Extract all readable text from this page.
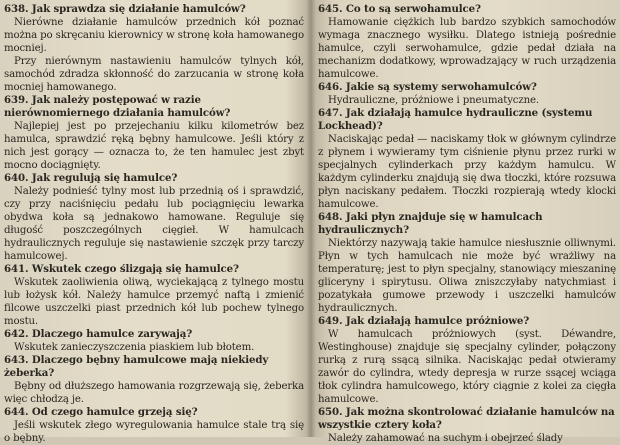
638. Jak sprawdza się działanie hamulców?

Nierówne działanie hamulców przednich kół poznać można po skręcaniu kierownicy w stronę koła hamowanego mocniej.

Przy nierównym nastawieniu hamulców tylnych kół, samochód zdradza skłonność do zarzucania w stronę koła mocniej hamowanego.

639. Jak należy postępować w razie nierównomiernego działania hamulców?

Najlepiej jest po przejechaniu kilku kilometrów bez hamulca, sprawdzić ręką bębny hamulcowe. Jeśli który z nich jest gorący — oznacza to, że ten hamulec jest zbyt mocno dociągnięty.

640. Jak regulują się hamulce?

Należy podnieść tylny most lub przednią oś i sprawdzić, czy przy naciśnięciu pedału lub pociągnięciu lewarka obydwa koła są jednakowo hamowane. Reguluje się długość poszczególnych cięgieł. W hamulcach hydraulicznych reguluje się nastawienie szczęk przy tarczy hamulcowej.

641. Wskutek czego ślizgają się hamulce?

Wskutek zaoliwienia oliwą, wyciekającą z tylnego mostu lub łożysk kół. Należy hamulce przemyć naftą i zmienić filcowe uszczelki piast przednich kół lub pochew tylnego mostu.

642. Dlaczego hamulce zarywają?

Wskutek zanieczyszczenia piaskiem lub błotem.

643. Dlaczego bębny hamulcowe mają niekiedy żeberka?

Bębny od dłuższego hamowania rozgrzewają się, żeberka więc chłodzą je.

644. Od czego hamulce grzeją się?

Jeśli wskutek złego wyregulowania hamulce stale trą się o bębny.

645. Co to są serwohamulce?

Hamowanie ciężkich lub bardzo szybkich samochodów wymaga znacznego wysiłku. Dlatego istnieją pośrednie hamulce, czyli serwohamulce, gdzie pedał działa na mechanizm dodatkowy, wprowadzający w ruch urządzenia hamulcowe.

646. Jakie są systemy serwohamulców?

Hydrauliczne, próżniowe i pneumatyczne.

647. Jak działają hamulce hydrauliczne (systemu Lockhead)?

Naciskając pedał — naciskamy tłok w głównym cylindrze z płynem i wywieramy tym ciśnienie płynu przez rurki w specjalnych cylinderkach przy każdym hamulcu. W każdym cylinderku znajdują się dwa tłoczki, które rozsuwa płyn naciskany pedałem. Tłoczki rozpierają wtedy klocki hamulcowe.

648. Jaki płyn znajduje się w hamulcach hydraulicznych?

Niektórzy nazywają takie hamulce niesłusznie olliwnymi. Płyn w tych hamulcach nie może być wrażliwy na temperaturę; jest to płyn specjalny, stanowiący mieszaninę gliceryny i spirytusu. Oliwa zniszczyłaby natychmiast i pozatykała gumowe przewody i uszczelki hamulców hydraulicznych.

649. Jak działają hamulce próżniowe?

W hamulcach próżniowych (syst. Déwandre, Westinghouse) znajduje się specjalny cylinder, połączony rurką z rurą ssącą silnika. Naciskając pedał otwieramy zawór do cylindra, wtedy depresja w rurze ssącej wciąga tłok cylindra hamulcowego, który ciągnie z kolei za cięgła hamulcowe.

650. Jak można skontrolować działanie hamulców na wszystkie cztery koła?

Należy zahamować na suchym i obejrzeć ślady
